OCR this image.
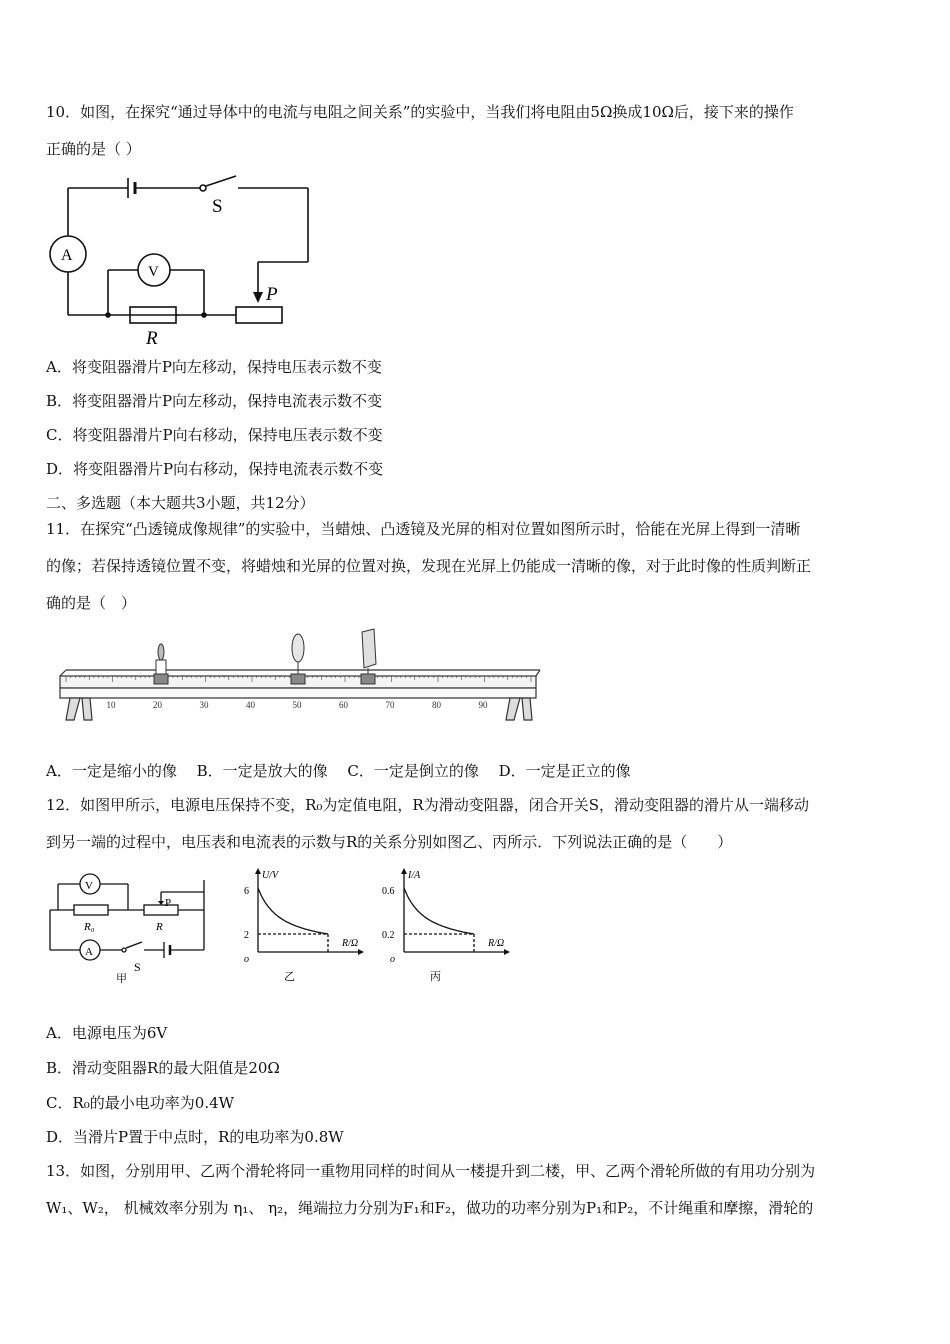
10．如图，在探究“通过导体中的电流与电阻之间关系”的实验中，当我们将电阻由5Ω换成10Ω后，接下来的操作
正确的是（ ）
S
A
V
P
R
A．将变阻器滑片P向左移动，保持电压表示数不变
B．将变阻器滑片P向左移动，保持电流表示数不变
C．将变阻器滑片P向右移动，保持电压表示数不变
D．将变阻器滑片P向右移动，保持电流表示数不变
二、多选题（本大题共3小题，共12分）
11．在探究“凸透镜成像规律”的实验中，当蜡烛、凸透镜及光屏的相对位置如图所示时，恰能在光屏上得到一清晰
的像；若保持透镜位置不变，将蜡烛和光屏的位置对换，发现在光屏上仍能成一清晰的像，对于此时像的性质判断正
确的是（　）
10	20	30	40	50	60	70	80	90
A．一定是缩小的像　 B．一定是放大的像　 C．一定是倒立的像　 D．一定是正立的像
12．如图甲所示，电源电压保持不变，R₀为定值电阻，R为滑动变阻器，闭合开关S，滑动变阻器的滑片从一端移动
到另一端的过程中，电压表和电流表的示数与R的关系分别如图乙、丙所示．下列说法正确的是（　　）
V
A
P
R₀	R
S
甲
U/V
R/Ω
6
2
o
乙
I/A
R/Ω
0.6
0.2
o
丙
A．电源电压为6V
B．滑动变阻器R的最大阻值是20Ω
C．R₀的最小电功率为0.4W
D．当滑片P置于中点时，R的电功率为0.8W
13．如图，分别用甲、乙两个滑轮将同一重物用同样的时间从一楼提升到二楼，甲、乙两个滑轮所做的有用功分别为
W₁、W₂， 机械效率分别为 η₁、 η₂，绳端拉力分别为F₁和F₂，做功的功率分别为P₁和P₂，不计绳重和摩擦，滑轮的
